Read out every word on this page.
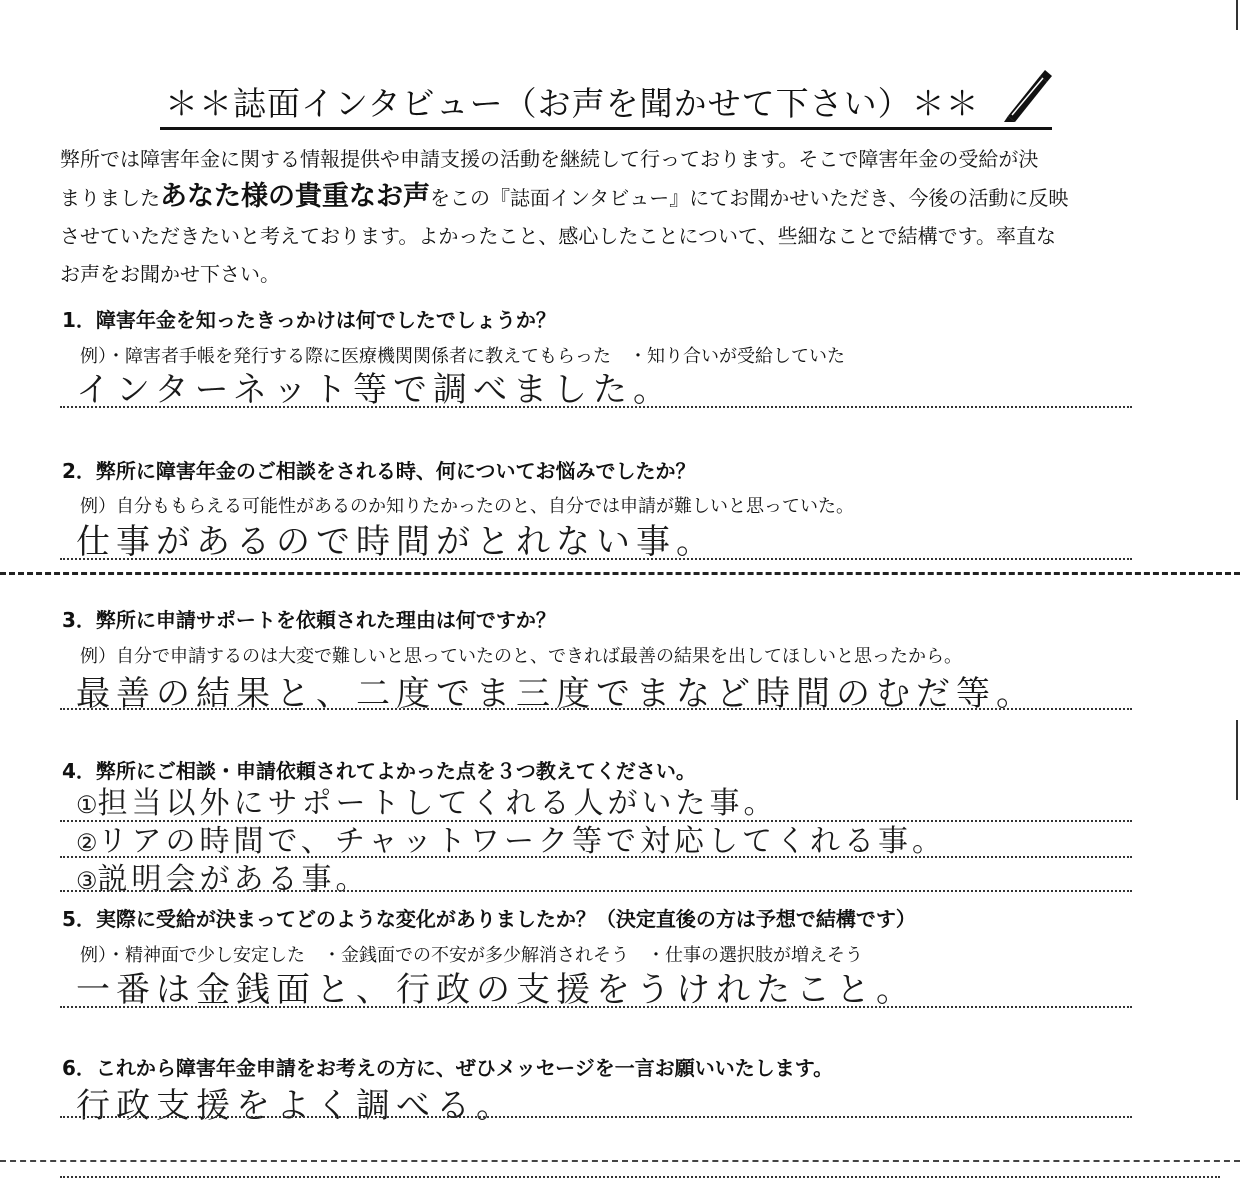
＊＊誌面インタビュー（お声を聞かせて下さい）＊＊
弊所では障害年金に関する情報提供や申請支援の活動を継続して行っております。そこで障害年金の受給が決
まりましたあなた様の貴重なお声をこの『誌面インタビュー』にてお聞かせいただき、今後の活動に反映
させていただきたいと考えております。よかったこと、感心したことについて、些細なことで結構です。率直な
お声をお聞かせ下さい。
1．障害年金を知ったきっかけは何でしたでしょうか？
例）・障害者手帳を発行する際に医療機関関係者に教えてもらった　・知り合いが受給していた
インターネット等で調べました。
2．弊所に障害年金のご相談をされる時、何についてお悩みでしたか？
例）自分ももらえる可能性があるのか知りたかったのと、自分では申請が難しいと思っていた。
仕事があるので時間がとれない事。
3．弊所に申請サポートを依頼された理由は何ですか？
例）自分で申請するのは大変で難しいと思っていたのと、できれば最善の結果を出してほしいと思ったから。
最善の結果と、二度でま三度でまなど時間のむだ等。
4．弊所にご相談・申請依頼されてよかった点を３つ教えてください。
①担当以外にサポートしてくれる人がいた事。
②リアの時間で、チャットワーク等で対応してくれる事。
③説明会がある事。
5．実際に受給が決まってどのような変化がありましたか？（決定直後の方は予想で結構です）
例）・精神面で少し安定した　・金銭面での不安が多少解消されそう　・仕事の選択肢が増えそう
一番は金銭面と、行政の支援をうけれたこと。
6．これから障害年金申請をお考えの方に、ぜひメッセージを一言お願いいたします。
行政支援をよく調べる。
